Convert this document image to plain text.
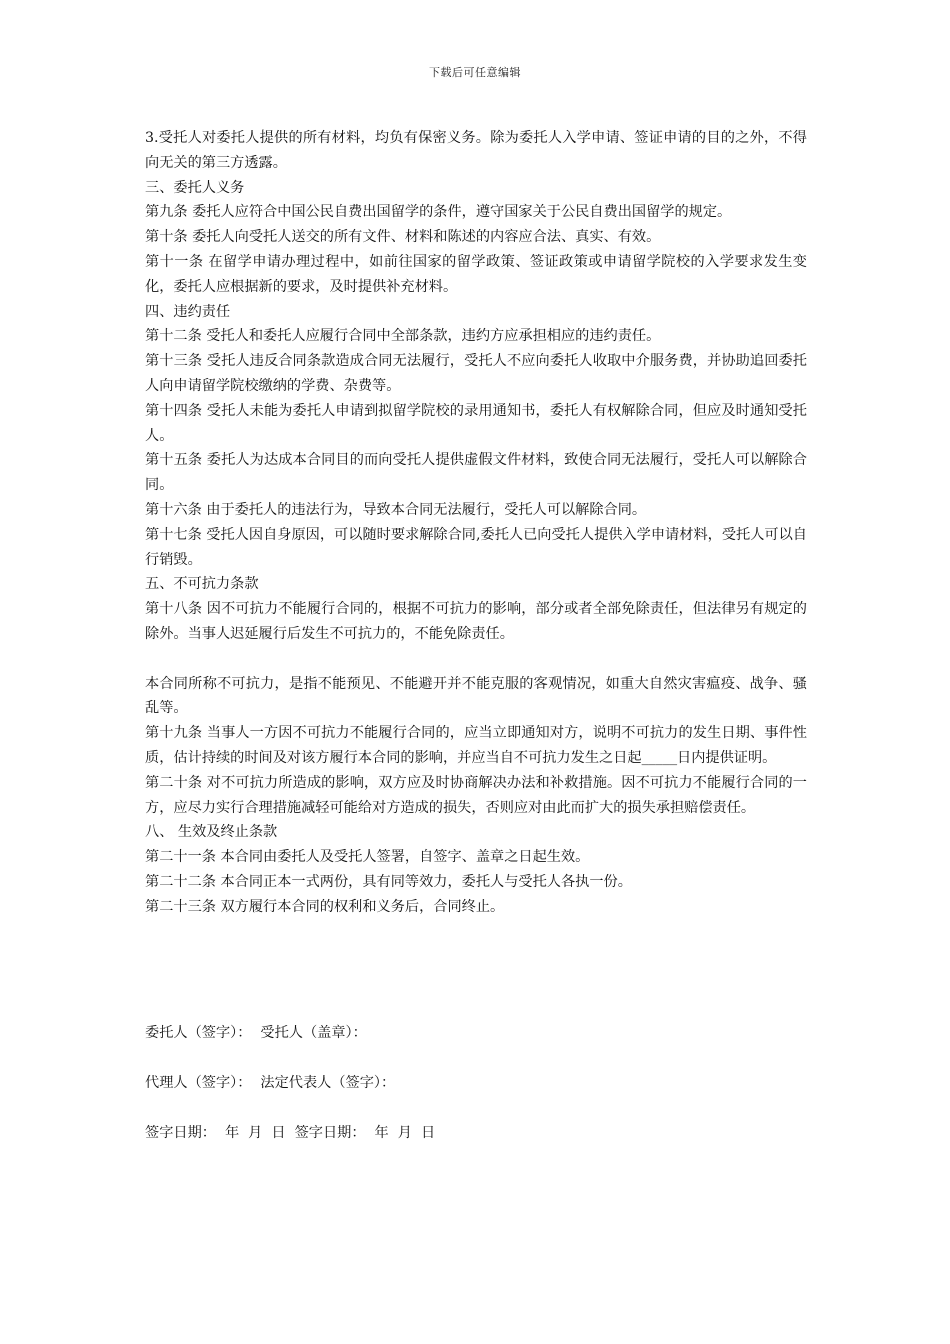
下载后可任意编辑

3.受托人对委托人提供的所有材料，均负有保密义务。除为委托人入学申请、签证申请的目的之外，不得向无关的第三方透露。

三、委托人义务

第九条 委托人应符合中国公民自费出国留学的条件，遵守国家关于公民自费出国留学的规定。

第十条 委托人向受托人送交的所有文件、材料和陈述的内容应合法、真实、有效。

第十一条 在留学申请办理过程中，如前往国家的留学政策、签证政策或申请留学院校的入学要求发生变化，委托人应根据新的要求，及时提供补充材料。

四、违约责任

第十二条 受托人和委托人应履行合同中全部条款，违约方应承担相应的违约责任。

第十三条 受托人违反合同条款造成合同无法履行，受托人不应向委托人收取中介服务费，并协助追回委托人向申请留学院校缴纳的学费、杂费等。

第十四条 受托人未能为委托人申请到拟留学院校的录用通知书，委托人有权解除合同，但应及时通知受托人。

第十五条 委托人为达成本合同目的而向受托人提供虚假文件材料，致使合同无法履行，受托人可以解除合同。

第十六条 由于委托人的违法行为，导致本合同无法履行，受托人可以解除合同。

第十七条 受托人因自身原因，可以随时要求解除合同,委托人已向受托人提供入学申请材料，受托人可以自行销毁。

五、不可抗力条款

第十八条 因不可抗力不能履行合同的，根据不可抗力的影响，部分或者全部免除责任，但法律另有规定的除外。当事人迟延履行后发生不可抗力的，不能免除责任。

本合同所称不可抗力，是指不能预见、不能避开并不能克服的客观情况，如重大自然灾害瘟疫、战争、骚乱等。

第十九条 当事人一方因不可抗力不能履行合同的，应当立即通知对方，说明不可抗力的发生日期、事件性质，估计持续的时间及对该方履行本合同的影响，并应当自不可抗力发生之日起_____日内提供证明。

第二十条 对不可抗力所造成的影响，双方应及时协商解决办法和补救措施。因不可抗力不能履行合同的一方，应尽力实行合理措施减轻可能给对方造成的损失，否则应对由此而扩大的损失承担赔偿责任。

八、 生效及终止条款

第二十一条 本合同由委托人及受托人签署，自签字、盖章之日起生效。

第二十二条 本合同正本一式两份，具有同等效力，委托人与受托人各执一份。

第二十三条 双方履行本合同的权利和义务后，合同终止。

委托人（签字）：  受托人（盖章）：
代理人（签字）：  法定代表人（签字）：
签字日期：  年  月  日  签字日期：  年  月  日
